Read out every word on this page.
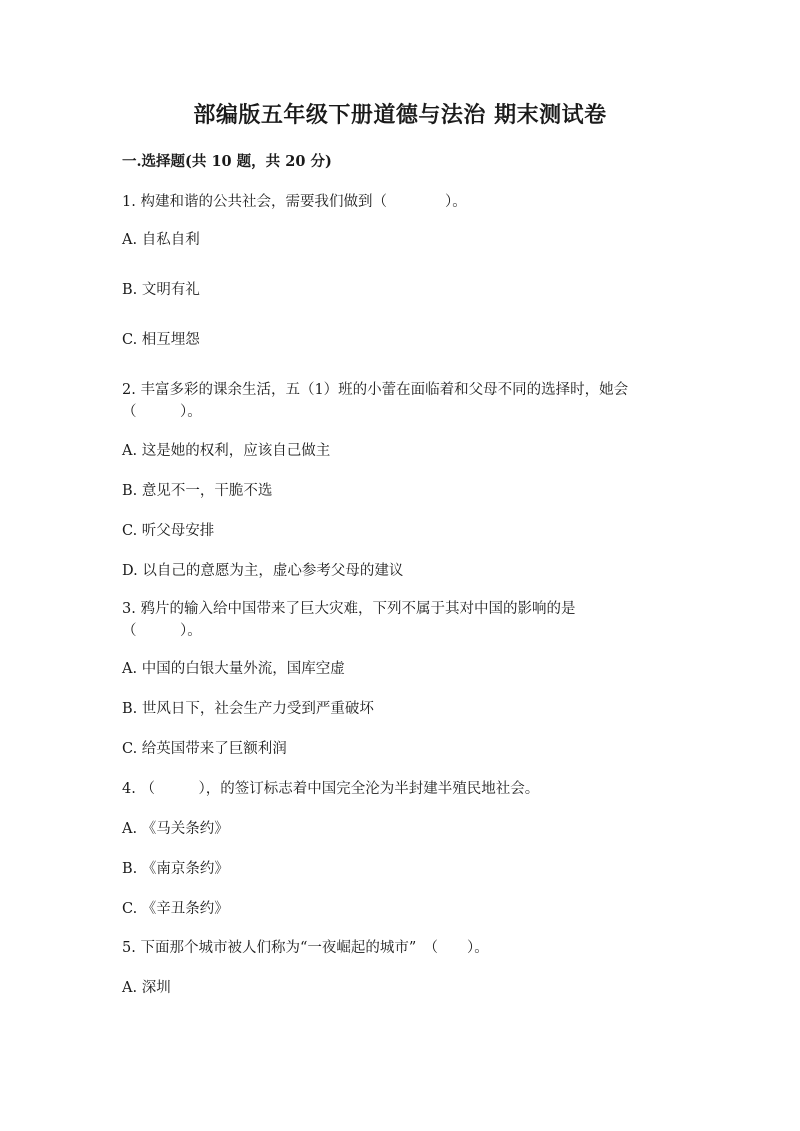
部编版五年级下册道德与法治 期末测试卷
一.选择题(共 10 题，共 20 分)
1. 构建和谐的公共社会，需要我们做到（　　　　）。
A. 自私自利
B. 文明有礼
C. 相互埋怨
2. 丰富多彩的课余生活，五（1）班的小蕾在面临着和父母不同的选择时，她会
（　　　）。
A. 这是她的权利，应该自己做主
B. 意见不一，干脆不选
C. 听父母安排
D. 以自己的意愿为主，虚心参考父母的建议
3. 鸦片的输入给中国带来了巨大灾难，下列不属于其对中国的影响的是
（　　　）。
A. 中国的白银大量外流，国库空虚
B. 世风日下，社会生产力受到严重破坏
C. 给英国带来了巨额利润
4. （　　　），的签订标志着中国完全沦为半封建半殖民地社会。
A. 《马关条约》
B. 《南京条约》
C. 《辛丑条约》
5. 下面那个城市被人们称为“一夜崛起的城市”　（　　）。
A. 深圳
